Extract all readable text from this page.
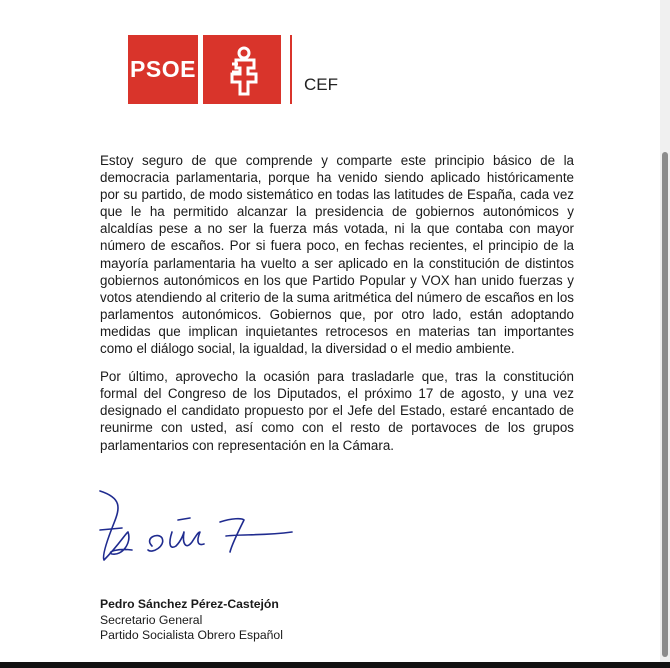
PSOE
CEF

Estoy seguro de que comprende y comparte este principio básico de la democracia parlamentaria, porque ha venido siendo aplicado históricamente por su partido, de modo sistemático en todas las latitudes de España, cada vez que le ha permitido alcanzar la presidencia de gobiernos autonómicos y alcaldías pese a no ser la fuerza más votada, ni la que contaba con mayor número de escaños. Por si fuera poco, en fechas recientes, el principio de la mayoría parlamentaria ha vuelto a ser aplicado en la constitución de distintos gobiernos autonómicos en los que Partido Popular y VOX han unido fuerzas y votos atendiendo al criterio de la suma aritmética del número de escaños en los parlamentos autonómicos. Gobiernos que, por otro lado, están adoptando medidas que implican inquietantes retrocesos en materias tan importantes como el diálogo social, la igualdad, la diversidad o el medio ambiente.

Por último, aprovecho la ocasión para trasladarle que, tras la constitución formal del Congreso de los Diputados, el próximo 17 de agosto, y una vez designado el candidato propuesto por el Jefe del Estado, estaré encantado de reunirme con usted, así como con el resto de portavoces de los grupos parlamentarios con representación en la Cámara.

Pedro Sánchez Pérez-Castejón
Secretario General
Partido Socialista Obrero Español
